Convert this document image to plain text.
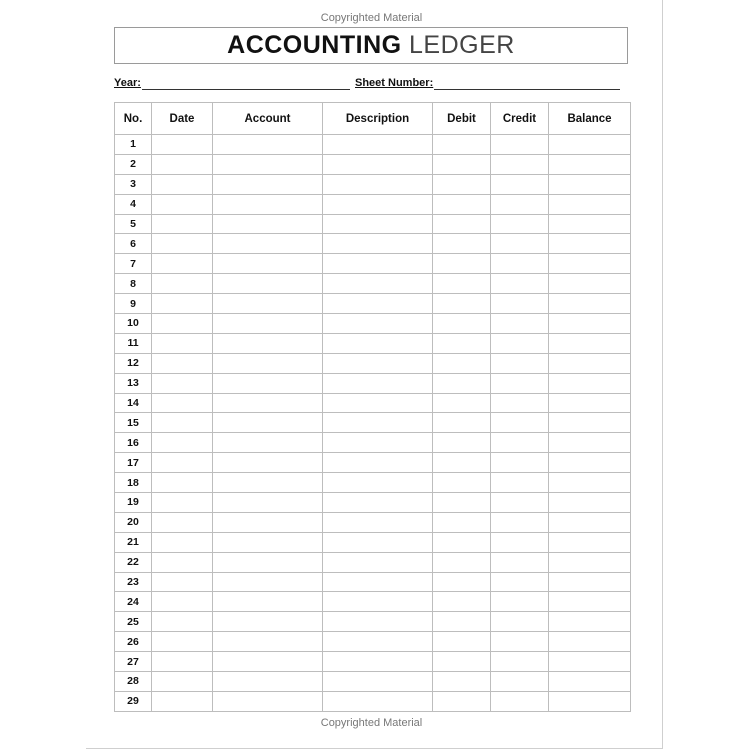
Copyrighted Material
ACCOUNTING LEDGER
Year:	Sheet Number:
No.	Date	Account	Description	Debit	Credit	Balance
1						
2						
3						
4						
5						
6						
7						
8						
9						
10						
11						
12						
13						
14						
15						
16						
17						
18						
19						
20						
21						
22						
23						
24						
25						
26						
27						
28						
29						
Copyrighted Material
